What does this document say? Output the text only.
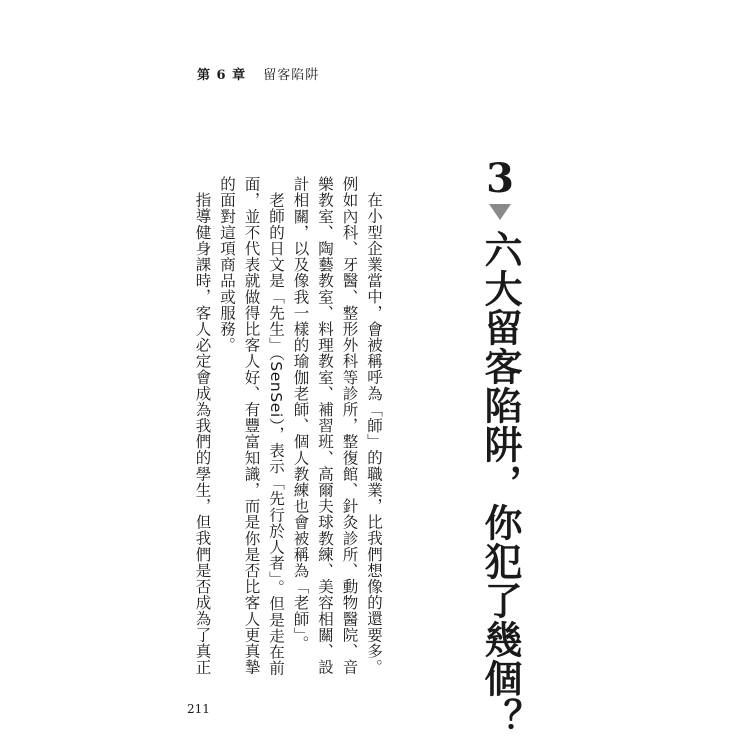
第 6 章 留客陷阱
3
六大留客陷阱，你犯了幾個？

在小型企業當中，會被稱呼為「師」的職業，比我們想像的還要多。例如內科、牙醫、整形外科等診所，整復館、針灸診所、動物醫院、音樂教室、陶藝教室、料理教室、補習班、高爾夫球教練、美容相關、設計相關，以及像我一樣的瑜伽老師、個人教練也會被稱為「老師」。

老師的日文是「先生」（SenSei），表示「先行於人者」。但是走在前面，並不代表就做得比客人好、有豐富知識，而是你是否比客人更真摯的面對這項商品或服務。

指導健身課時，客人必定會成為我們的學生，但我們是否成為了真正

211
